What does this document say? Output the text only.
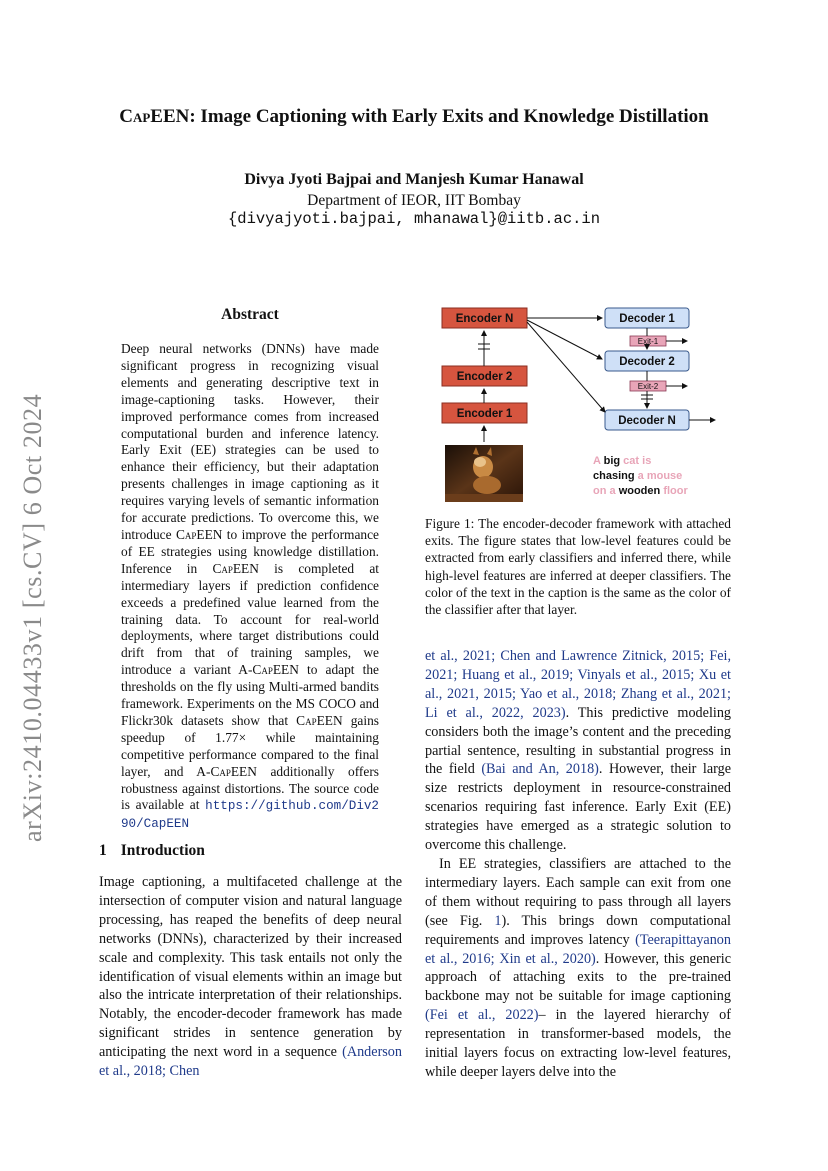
arXiv:2410.04433v1 [cs.CV] 6 Oct 2024
CapEEN: Image Captioning with Early Exits and Knowledge Distillation
Divya Jyoti Bajpai and Manjesh Kumar Hanawal
Department of IEOR, IIT Bombay
{divyajyoti.bajpai, mhanawal}@iitb.ac.in
Abstract
Deep neural networks (DNNs) have made significant progress in recognizing visual elements and generating descriptive text in image-captioning tasks. However, their improved performance comes from increased computational burden and inference latency. Early Exit (EE) strategies can be used to enhance their efficiency, but their adaptation presents challenges in image captioning as it requires varying levels of semantic information for accurate predictions. To overcome this, we introduce CapEEN to improve the performance of EE strategies using knowledge distillation. Inference in CapEEN is completed at intermediary layers if prediction confidence exceeds a predefined value learned from the training data. To account for real-world deployments, where target distributions could drift from that of training samples, we introduce a variant A-CapEEN to adapt the thresholds on the fly using Multi-armed bandits framework. Experiments on the MS COCO and Flickr30k datasets show that CapEEN gains speedup of 1.77× while maintaining competitive performance compared to the final layer, and A-CapEEN additionally offers robustness against distortions. The source code is available at https://github.com/Div290/CapEEN
1 Introduction
Image captioning, a multifaceted challenge at the intersection of computer vision and natural language processing, has reaped the benefits of deep neural networks (DNNs), characterized by their increased scale and complexity. This task entails not only the identification of visual elements within an image but also the intricate interpretation of their relationships. Notably, the encoder-decoder framework has made significant strides in sentence generation by anticipating the next word in a sequence (Anderson et al., 2018; Chen
Encoder N
Encoder 2
Encoder 1
Decoder 1
Decoder 2
Decoder N
Exit-1
Exit-2
A big cat is
chasing a mouse
on a wooden floor
Figure 1: The encoder-decoder framework with attached exits. The figure states that low-level features could be extracted from early classifiers and inferred there, while high-level features are inferred at deeper classifiers. The color of the text in the caption is the same as the color of the classifier after that layer.

et al., 2021; Chen and Lawrence Zitnick, 2015; Fei, 2021; Huang et al., 2019; Vinyals et al., 2015; Xu et al., 2021, 2015; Yao et al., 2018; Zhang et al., 2021; Li et al., 2022, 2023). This predictive modeling considers both the image’s content and the preceding partial sentence, resulting in substantial progress in the field (Bai and An, 2018). However, their large size restricts deployment in resource-constrained scenarios requiring fast inference. Early Exit (EE) strategies have emerged as a strategic solution to overcome this challenge.

In EE strategies, classifiers are attached to the intermediary layers. Each sample can exit from one of them without requiring to pass through all layers (see Fig. 1). This brings down computational requirements and improves latency (Teerapittayanon et al., 2016; Xin et al., 2020). However, this generic approach of attaching exits to the pre-trained backbone may not be suitable for image captioning (Fei et al., 2022)– in the layered hierarchy of representation in transformer-based models, the initial layers focus on extracting low-level features, while deeper layers delve into the
